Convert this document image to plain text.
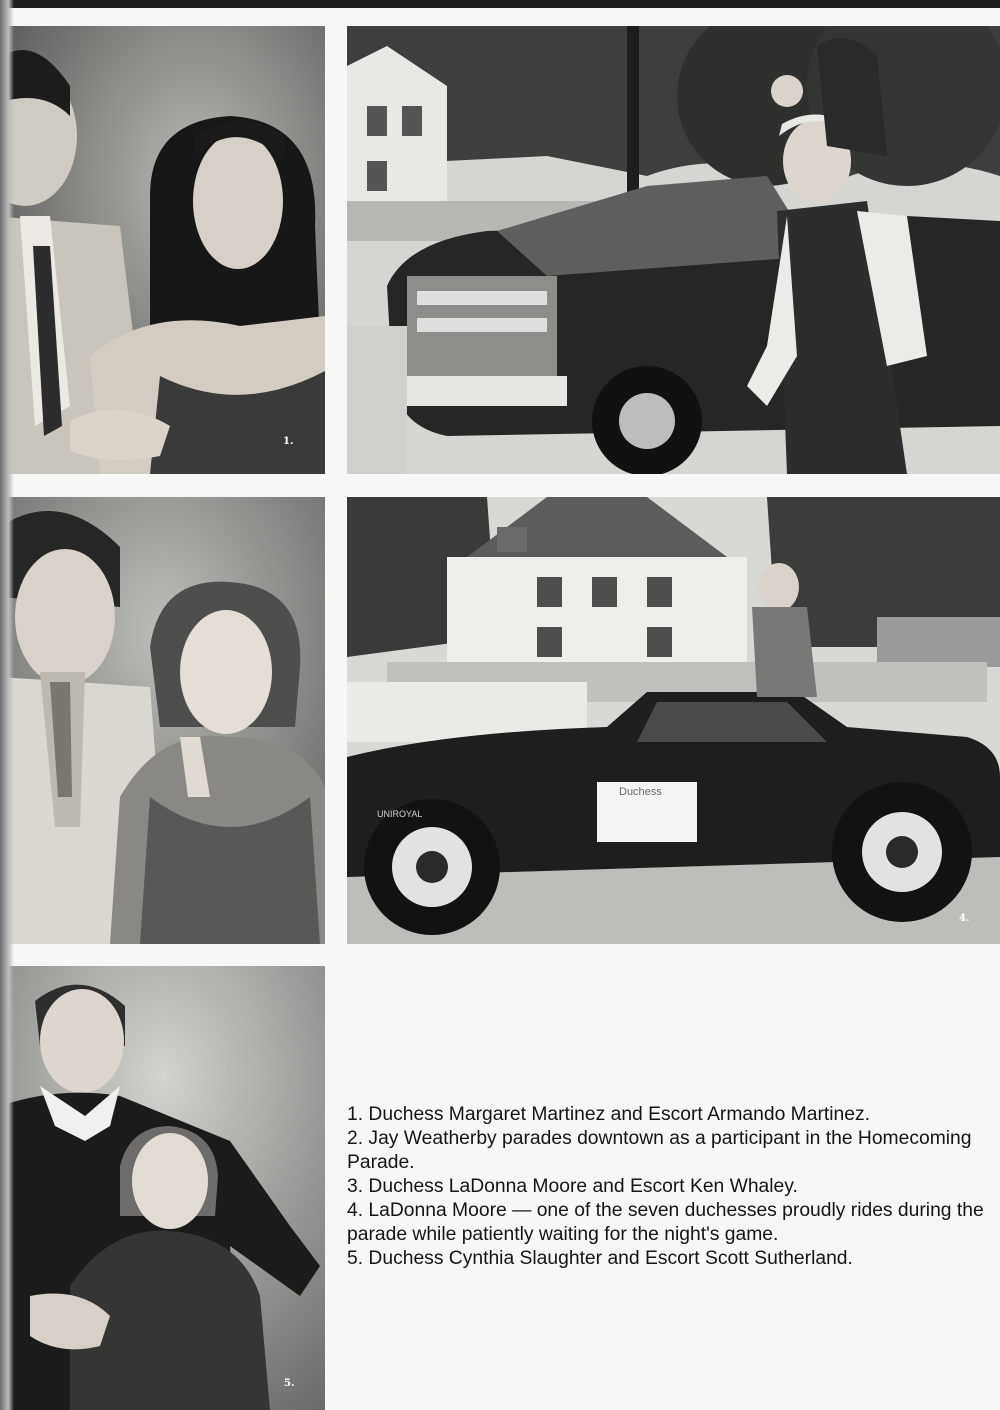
1.
Duchess
UNIROYAL
4.
5.

1. Duchess Margaret Martinez and Escort Armando Martinez.

2. Jay Weatherby parades downtown as a participant in the Homecoming Parade.

3. Duchess LaDonna Moore and Escort Ken Whaley.

4. LaDonna Moore — one of the seven duchesses proudly rides during the parade while patiently waiting for the night's game.

5. Duchess Cynthia Slaughter and Escort Scott Sutherland.
